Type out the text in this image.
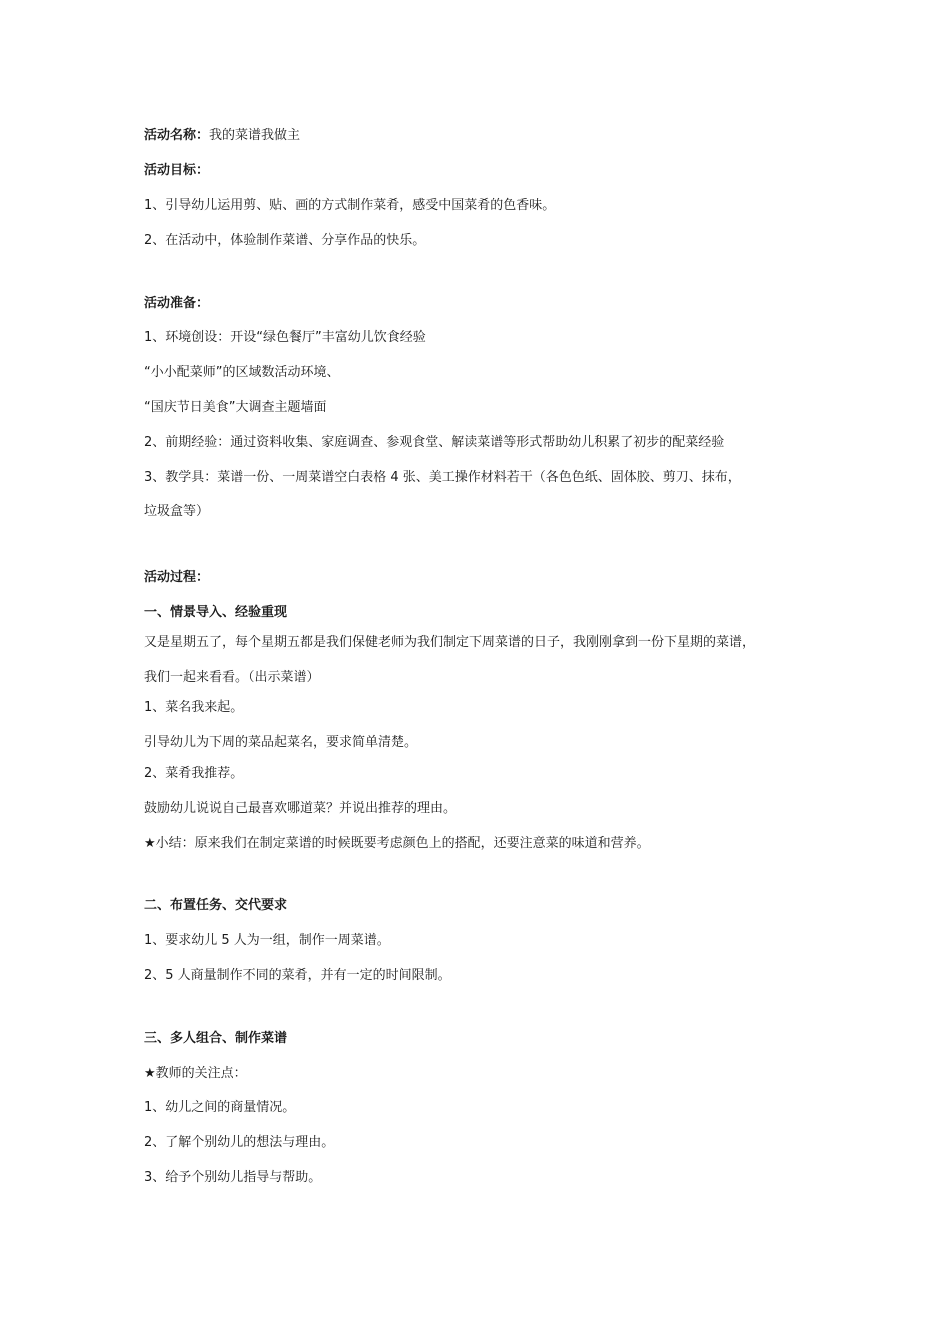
活动名称：我的菜谱我做主
活动目标：
1、引导幼儿运用剪、贴、画的方式制作菜肴，感受中国菜肴的色香味。
2、在活动中，体验制作菜谱、分享作品的快乐。
活动准备：
1、环境创设：开设“绿色餐厅”丰富幼儿饮食经验
“小小配菜师”的区域数活动环境、
“国庆节日美食”大调查主题墙面
2、前期经验：通过资料收集、家庭调查、参观食堂、解读菜谱等形式帮助幼儿积累了初步的配菜经验
3、教学具：菜谱一份、一周菜谱空白表格 4 张、美工操作材料若干（各色色纸、固体胶、剪刀、抹布，
垃圾盒等）
活动过程：
一、情景导入、经验重现
又是星期五了，每个星期五都是我们保健老师为我们制定下周菜谱的日子，我刚刚拿到一份下星期的菜谱，
我们一起来看看。（出示菜谱）
1、菜名我来起。
引导幼儿为下周的菜品起菜名，要求简单清楚。
2、菜肴我推荐。
鼓励幼儿说说自己最喜欢哪道菜？并说出推荐的理由。
★小结：原来我们在制定菜谱的时候既要考虑颜色上的搭配，还要注意菜的味道和营养。
二、布置任务、交代要求
1、要求幼儿 5 人为一组，制作一周菜谱。
2、5 人商量制作不同的菜肴，并有一定的时间限制。
三、多人组合、制作菜谱
★教师的关注点：
1、幼儿之间的商量情况。
2、了解个别幼儿的想法与理由。
3、给予个别幼儿指导与帮助。
